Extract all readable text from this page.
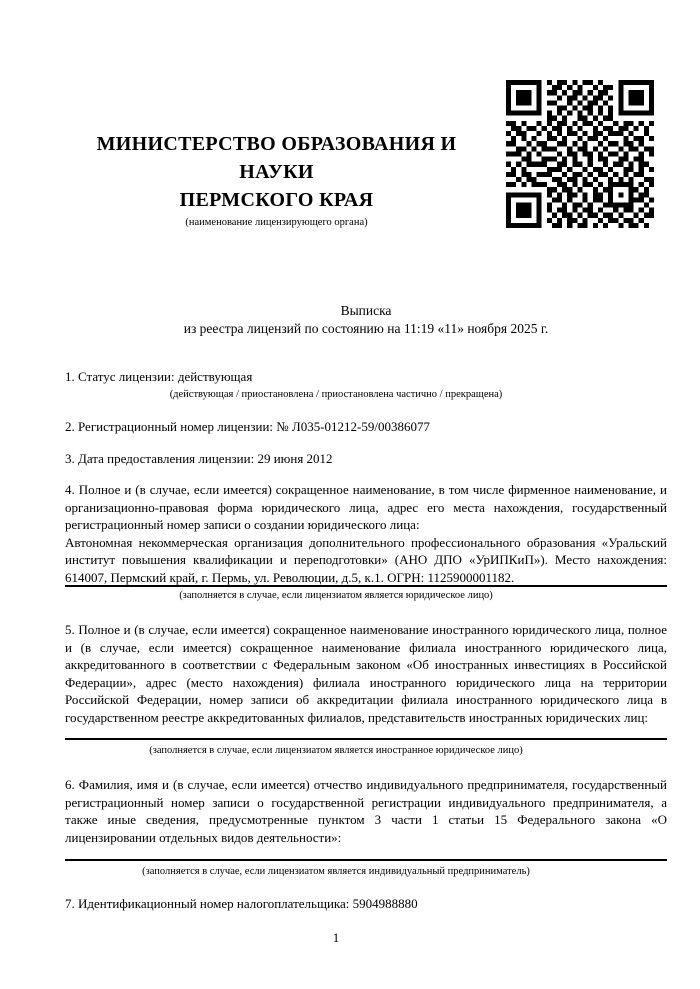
МИНИСТЕРСТВО ОБРАЗОВАНИЯ И НАУКИ
ПЕРМСКОГО КРАЯ
(наименование лицензирующего органа)
Выписка
из реестра лицензий по состоянию на 11:19 «11» ноября 2025 г.
1. Статус лицензии: действующая
(действующая / приостановлена / приостановлена частично / прекращена)
2. Регистрационный номер лицензии: № Л035-01212-59/00386077
3. Дата предоставления лицензии: 29 июня 2012

4. Полное и (в случае, если имеется) сокращенное наименование, в том числе фирменное наименование, и организационно-правовая форма юридического лица, адрес его места нахождения, государственный регистрационный номер записи о создании юридического лица:

Автономная некоммерческая организация дополнительного профессионального образования «Уральский институт повышения квалификации и переподготовки» (АНО ДПО «УрИПКиП»). Место нахождения: 614007, Пермский край, г. Пермь, ул. Революции, д.5, к.1. ОГРН: 1125900001182.

(заполняется в случае, если лицензиатом является юридическое лицо)
5. Полное и (в случае, если имеется) сокращенное наименование иностранного юридического лица, полное и (в случае, если имеется) сокращенное наименование филиала иностранного юридического лица, аккредитованного в соответствии с Федеральным законом «Об иностранных инвестициях в Российской Федерации», адрес (место нахождения) филиала иностранного юридического лица на территории Российской Федерации, номер записи об аккредитации филиала иностранного юридического лица в государственном реестре аккредитованных филиалов, представительств иностранных юридических лиц:
(заполняется в случае, если лицензиатом является иностранное юридическое лицо)
6. Фамилия, имя и (в случае, если имеется) отчество индивидуального предпринимателя, государственный регистрационный номер записи о государственной регистрации индивидуального предпринимателя, а также иные сведения, предусмотренные пунктом 3 части 1 статьи 15 Федерального закона «О лицензировании отдельных видов деятельности»:
(заполняется в случае, если лицензиатом является индивидуальный предприниматель)
7. Идентификационный номер налогоплательщика: 5904988880
1
